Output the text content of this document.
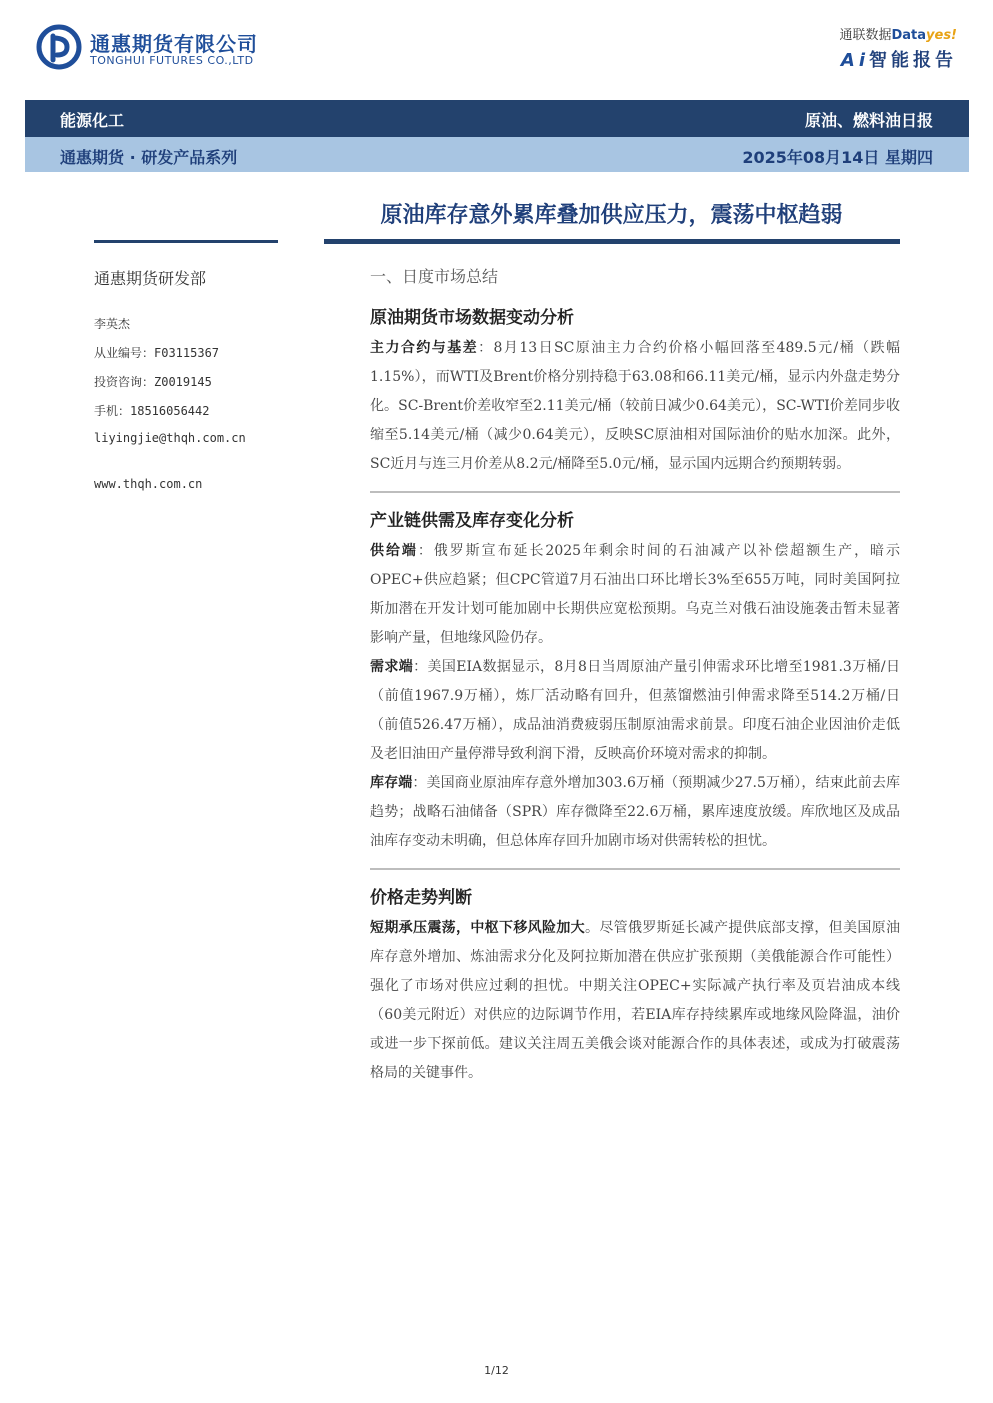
通惠期货有限公司
TONGHUI FUTURES CO.,LTD
通联数据Datayes!
Ai智能报告
能源化工	原油、燃料油日报
通惠期货 · 研发产品系列	2025年08月14日 星期四
原油库存意外累库叠加供应压力，震荡中枢趋弱
通惠期货研发部
李英杰
从业编号：F03115367
投资咨询：Z0019145
手机：18516056442
liyingjie@thqh.com.cn
www.thqh.com.cn
一、日度市场总结
原油期货市场数据变动分析

主力合约与基差：8月13日SC原油主力合约价格小幅回落至489.5元/桶（跌幅1.15%），而WTI及Brent价格分别持稳于63.08和66.11美元/桶，显示内外盘走势分化。SC-Brent价差收窄至2.11美元/桶（较前日减少0.64美元），SC-WTI价差同步收缩至5.14美元/桶（减少0.64美元），反映SC原油相对国际油价的贴水加深。此外，SC近月与连三月价差从8.2元/桶降至5.0元/桶，显示国内远期合约预期转弱。

产业链供需及库存变化分析

供给端：俄罗斯宣布延长2025年剩余时间的石油减产以补偿超额生产，暗示OPEC+供应趋紧；但CPC管道7月石油出口环比增长3%至655万吨，同时美国阿拉斯加潜在开发计划可能加剧中长期供应宽松预期。乌克兰对俄石油设施袭击暂未显著影响产量，但地缘风险仍存。

需求端：美国EIA数据显示，8月8日当周原油产量引伸需求环比增至1981.3万桶/日（前值1967.9万桶），炼厂活动略有回升，但蒸馏燃油引伸需求降至514.2万桶/日（前值526.47万桶），成品油消费疲弱压制原油需求前景。印度石油企业因油价走低及老旧油田产量停滞导致利润下滑，反映高价环境对需求的抑制。

库存端：美国商业原油库存意外增加303.6万桶（预期减少27.5万桶），结束此前去库趋势；战略石油储备（SPR）库存微降至22.6万桶，累库速度放缓。库欣地区及成品油库存变动未明确，但总体库存回升加剧市场对供需转松的担忧。

价格走势判断

短期承压震荡，中枢下移风险加大。尽管俄罗斯延长减产提供底部支撑，但美国原油库存意外增加、炼油需求分化及阿拉斯加潜在供应扩张预期（美俄能源合作可能性）强化了市场对供应过剩的担忧。中期关注OPEC+实际减产执行率及页岩油成本线（60美元附近）对供应的边际调节作用，若EIA库存持续累库或地缘风险降温，油价或进一步下探前低。建议关注周五美俄会谈对能源合作的具体表述，或成为打破震荡格局的关键事件。

1/12
